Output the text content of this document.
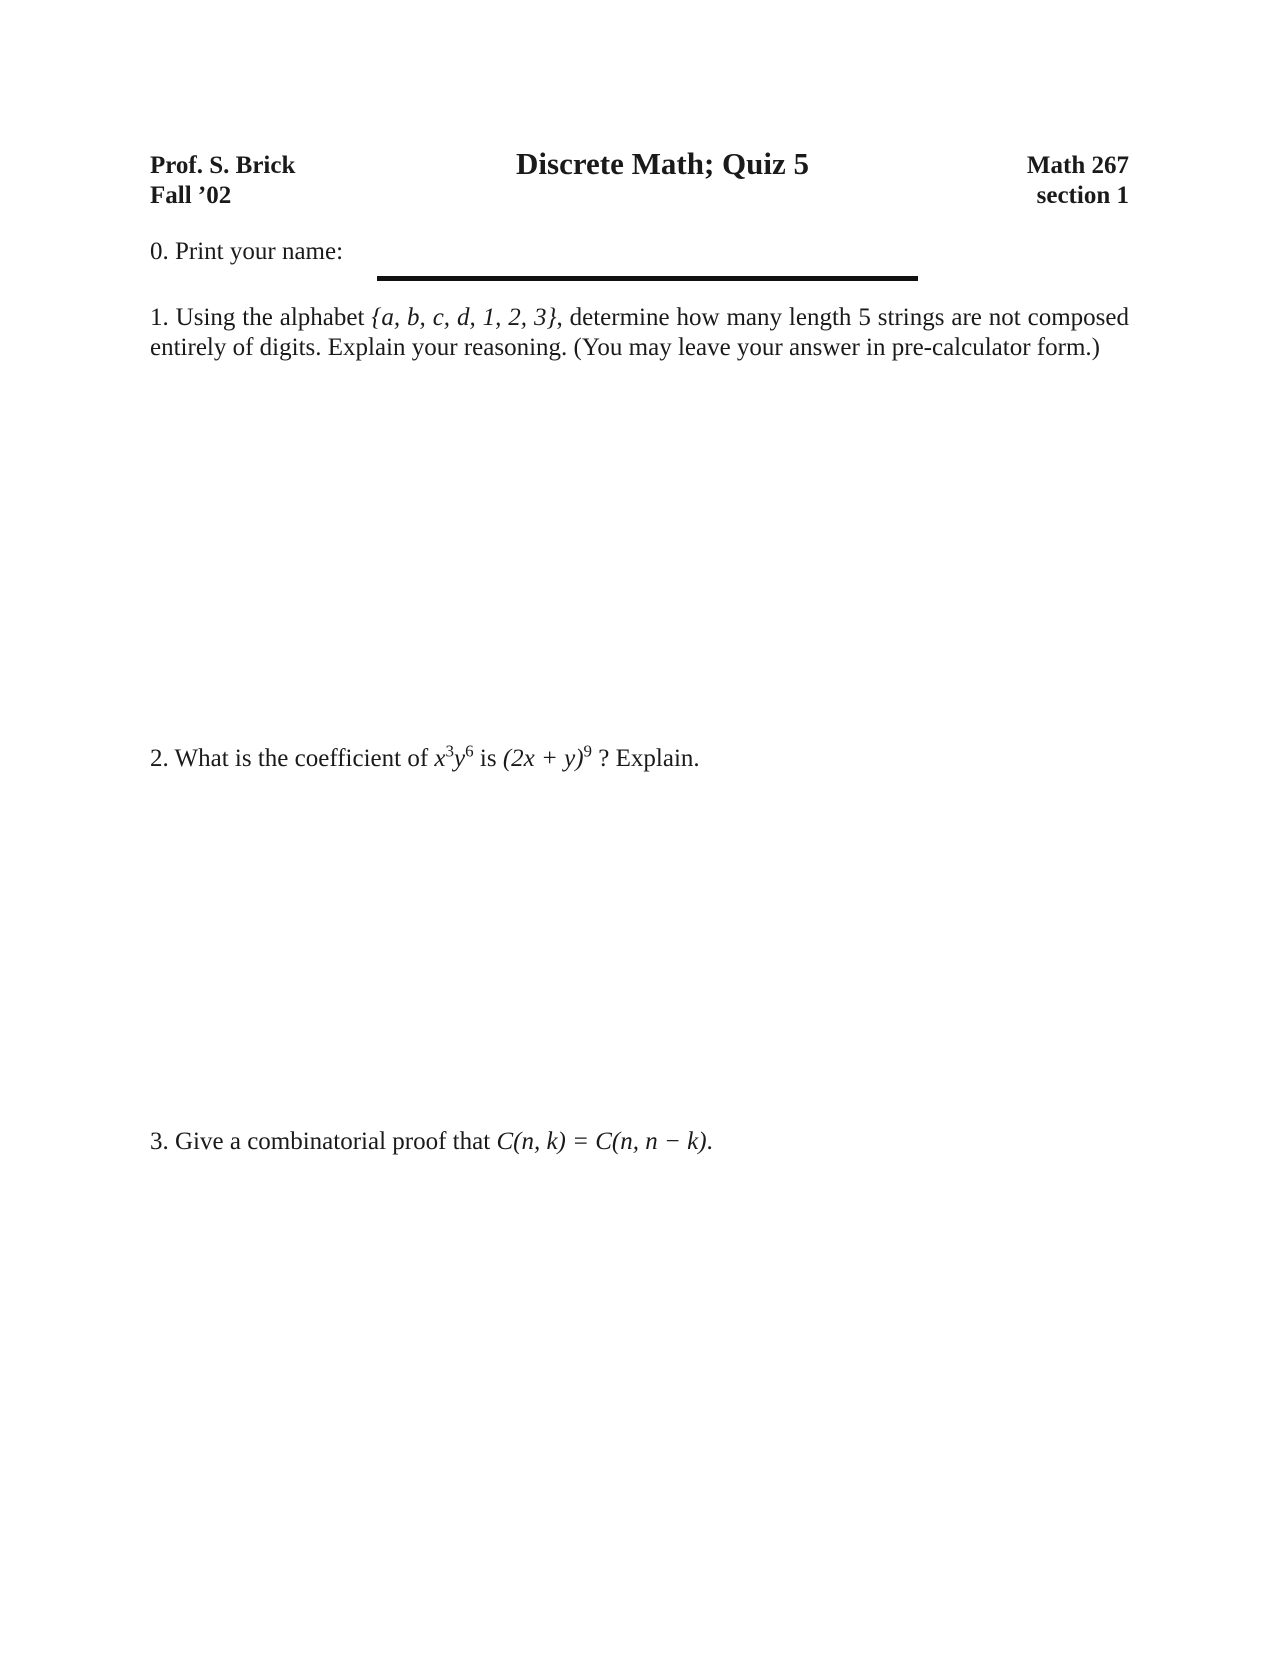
Prof. S. Brick
Fall ’02
Discrete Math; Quiz 5	Math 267
section 1
0. Print your name:
1. Using the alphabet {a, b, c, d, 1, 2, 3}, determine how many length 5 strings are not composed entirely of digits. Explain your reasoning. (You may leave your answer in pre-calculator form.)
2. What is the coefficient of $x^3y^6$ is $(2x + y)^9$ ? Explain.
3. Give a combinatorial proof that C(n, k) = C(n, n − k).
